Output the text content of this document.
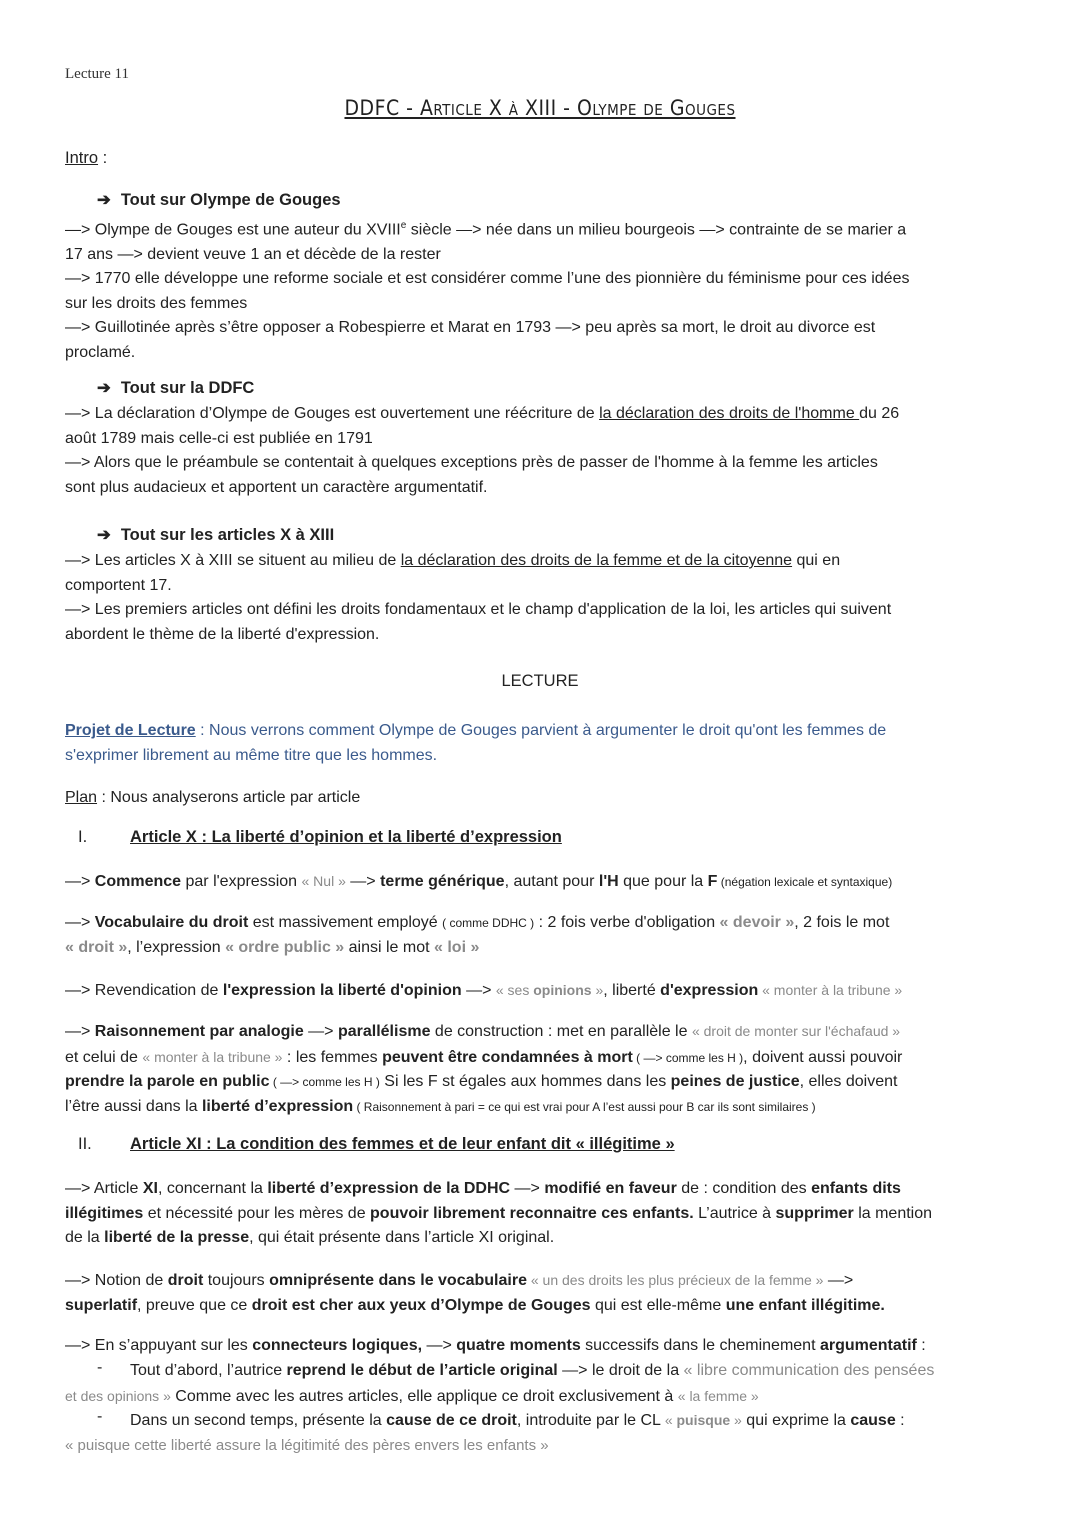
Lecture 11
DDFC - Article X à XIII - Olympe de Gouges
Intro :
➔ Tout sur Olympe de Gouges
—> Olympe de Gouges est une auteur du XVIIIe siècle —> née dans un milieu bourgeois —> contrainte de se marier a
17 ans —> devient veuve 1 an et décède de la rester
—> 1770 elle développe une reforme sociale et est considérer comme l’une des pionnière du féminisme pour ces idées
sur les droits des femmes
—> Guillotinée après s’être opposer a Robespierre et Marat en 1793 —> peu après sa mort, le droit au divorce est
proclamé.
➔ Tout sur la DDFC
—> La déclaration d’Olympe de Gouges est ouvertement une réécriture de la déclaration des droits de l'homme du 26
août 1789 mais celle-ci est publiée en 1791
—> Alors que le préambule se contentait à quelques exceptions près de passer de l'homme à la femme les articles
sont plus audacieux et apportent un caractère argumentatif.
➔ Tout sur les articles X à XIII
—> Les articles X à XIII se situent au milieu de la déclaration des droits de la femme et de la citoyenne qui en
comportent 17.
—> Les premiers articles ont défini les droits fondamentaux et le champ d'application de la loi, les articles qui suivent
abordent le thème de la liberté d'expression.
LECTURE
Projet de Lecture : Nous verrons comment Olympe de Gouges parvient à argumenter le droit qu'ont les femmes de
s'exprimer librement au même titre que les hommes.
Plan : Nous analyserons article par article
I.	Article X : La liberté d’opinion et la liberté d’expression
—> Commence par l'expression « Nul » —> terme générique, autant pour l'H que pour la F (négation lexicale et syntaxique)
—> Vocabulaire du droit est massivement employé ( comme DDHC ) : 2 fois verbe d'obligation « devoir », 2 fois le mot
« droit », l’expression « ordre public » ainsi le mot « loi »
—> Revendication de l'expression la liberté d'opinion —> « ses opinions », liberté d'expression « monter à la tribune »
—> Raisonnement par analogie —> parallélisme de construction : met en parallèle le « droit de monter sur l'échafaud »
et celui de « monter à la tribune » : les femmes peuvent être condamnées à mort ( —> comme les H ), doivent aussi pouvoir
prendre la parole en public ( —> comme les H ) Si les F st égales aux hommes dans les peines de justice, elles doivent
l’être aussi dans la liberté d’expression ( Raisonnement à pari = ce qui est vrai pour A l’est aussi pour B car ils sont similaires )
II. Article XI : La condition des femmes et de leur enfant dit « illégitime »
—> Article XI, concernant la liberté d’expression de la DDHC —> modifié en faveur de : condition des enfants dits
illégitimes et nécessité pour les mères de pouvoir librement reconnaitre ces enfants. L’autrice à supprimer la mention
de la liberté de la presse, qui était présente dans l’article XI original.
—> Notion de droit toujours omniprésente dans le vocabulaire « un des droits les plus précieux de la femme » —>
superlatif, preuve que ce droit est cher aux yeux d’Olympe de Gouges qui est elle-même une enfant illégitime.
—> En s’appuyant sur les connecteurs logiques, —> quatre moments successifs dans le cheminement argumentatif :
-	Tout d’abord, l’autrice reprend le début de l’article original —> le droit de la « libre communication des pensées
et des opinions » Comme avec les autres articles, elle applique ce droit exclusivement à « la femme »
-	Dans un second temps, présente la cause de ce droit, introduite par le CL « puisque » qui exprime la cause :
« puisque cette liberté assure la légitimité des pères envers les enfants »
